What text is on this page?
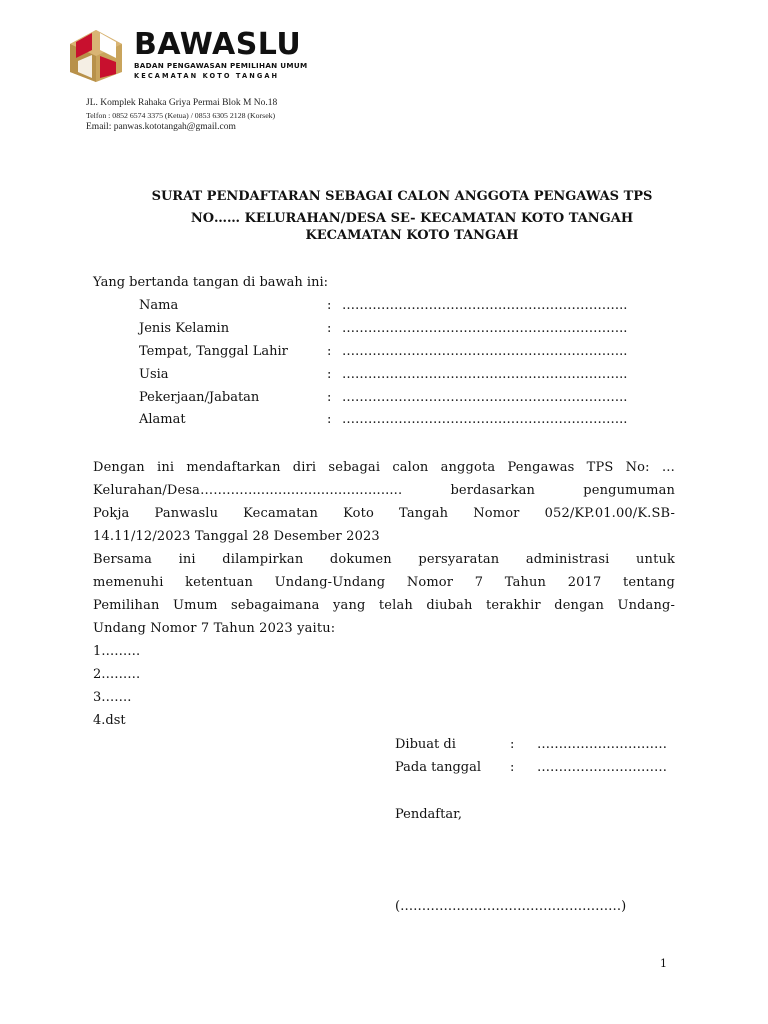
BAWASLU
BADAN PENGAWASAN PEMILIHAN UMUM
KECAMATAN KOTO TANGAH
JL. Komplek Rahaka Griya Permai Blok M No.18
Telfon : 0852 6574 3375 (Ketua) / 0853 6305 2128 (Korsek)
Email: panwas.kototangah@gmail.com
SURAT PENDAFTARAN SEBAGAI CALON ANGGOTA PENGAWAS TPS
NO…… KELURAHAN/DESA SE- KECAMATAN KOTO TANGAH
KECAMATAN KOTO TANGAH
Yang bertanda tangan di bawah ini:
Nama	: ……………………………….………………………..
Jenis Kelamin	: ……………………………….………………………..
Tempat, Tanggal Lahir	: ……………………………….………………………..
Usia	: ……………………………….………………………..
Pekerjaan/Jabatan	: ……………………………….………………………..
Alamat	: ……………………………….………………………..
Dengan ini mendaftarkan diri sebagai calon anggota Pengawas TPS No: …
Kelurahan/Desa…….…..................................... berdasarkan pengumuman
Pokja Panwaslu Kecamatan Koto Tangah Nomor 052/KP.01.00/K.SB-
14.11/12/2023 Tanggal 28 Desember 2023
Bersama ini dilampirkan dokumen persyaratan administrasi untuk
memenuhi ketentuan Undang-Undang Nomor 7 Tahun 2017 tentang
Pemilihan Umum sebagaimana yang telah diubah terakhir dengan Undang-
Undang Nomor 7 Tahun 2023 yaitu:
1………
2………
3…….
4.dst
Dibuat di	: …………………………
Pada tanggal : …………………………
Pendaftar,
(……………………………………………)
1
